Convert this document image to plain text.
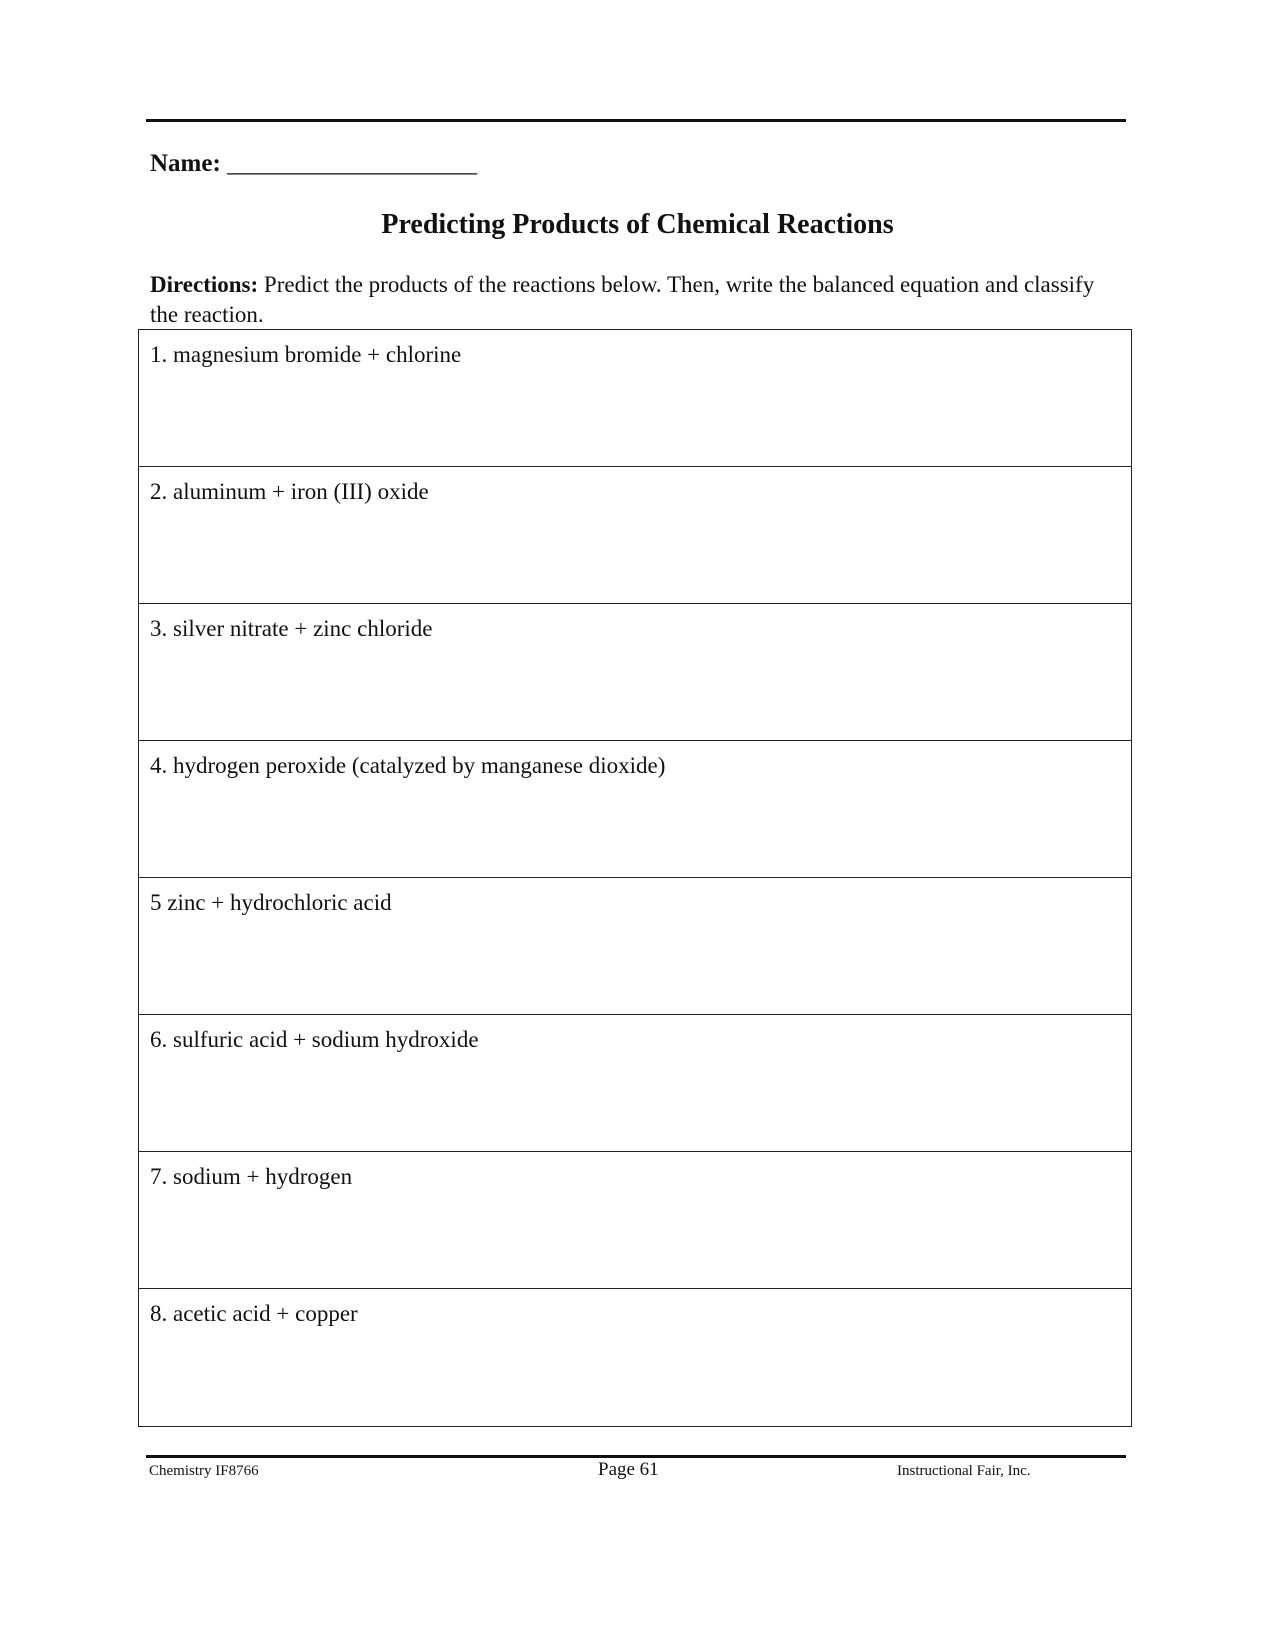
Name: ____________________
Predicting Products of Chemical Reactions
Directions: Predict the products of the reactions below. Then, write the balanced equation and classify the reaction.
1. magnesium bromide + chlorine
2. aluminum + iron (III) oxide
3. silver nitrate + zinc chloride
4. hydrogen peroxide (catalyzed by manganese dioxide)
5 zinc + hydrochloric acid
6. sulfuric acid + sodium hydroxide
7. sodium + hydrogen
8. acetic acid + copper
Chemistry IF8766	Page 61	Instructional Fair, Inc.
